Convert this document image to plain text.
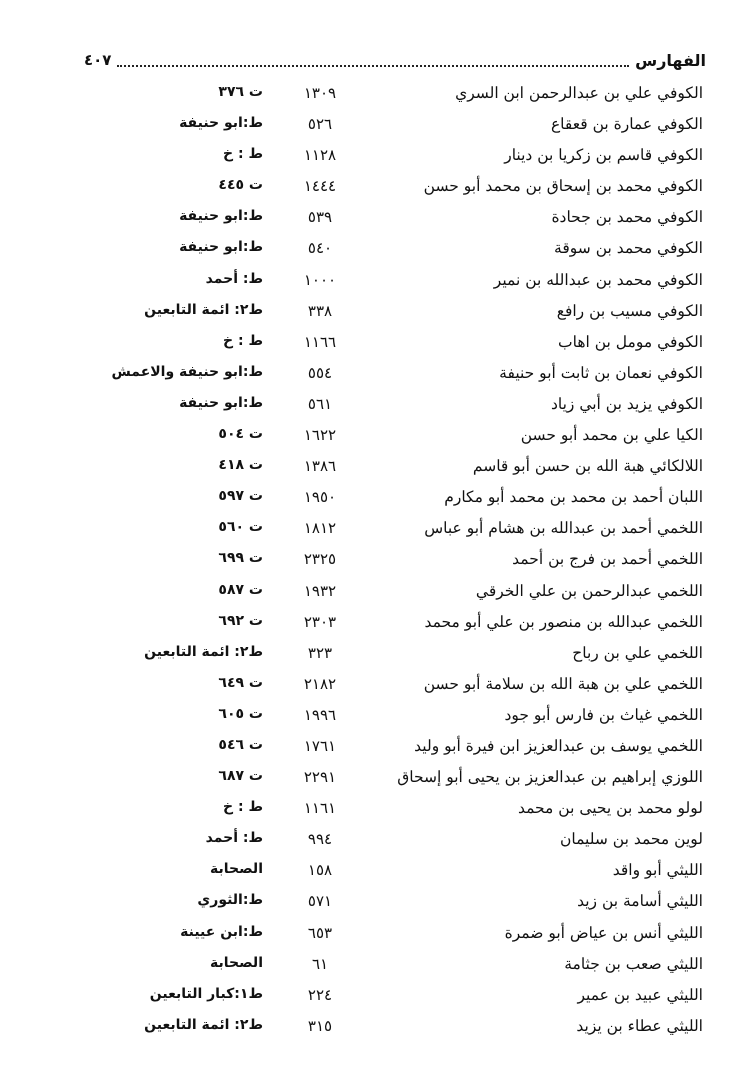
الفهارس
٤٠٧
الكوفي علي بن عبدالرحمن ابن السري
١٣٠٩
ت ٣٧٦
الكوفي عمارة بن قعقاع
٥٢٦
ط:ابو حنيفة
الكوفي قاسم بن زكريا بن دينار
١١٢٨
ط : خ
الكوفي محمد بن إسحاق بن محمد أبو حسن
١٤٤٤
ت ٤٤٥
الكوفي محمد بن جحادة
٥٣٩
ط:ابو حنيفة
الكوفي محمد بن سوقة
٥٤٠
ط:ابو حنيفة
الكوفي محمد بن عبدالله بن نمير
١٠٠٠
ط: أحمد
الكوفي مسيب بن رافع
٣٣٨
ط٢: ائمة التابعين
الكوفي مومل بن اهاب
١١٦٦
ط : خ
الكوفي نعمان بن ثابت أبو حنيفة
٥٥٤
ط:ابو حنيفة والاعمش
الكوفي يزيد بن أبي زياد
٥٦١
ط:ابو حنيفة
الكيا علي بن محمد أبو حسن
١٦٢٢
ت ٥٠٤
اللالكائي هبة الله بن حسن أبو قاسم
١٣٨٦
ت ٤١٨
اللبان أحمد بن محمد بن محمد أبو مكارم
١٩٥٠
ت ٥٩٧
اللخمي أحمد بن عبدالله بن هشام أبو عباس
١٨١٢
ت ٥٦٠
اللخمي أحمد بن فرج بن أحمد
٢٣٢٥
ت ٦٩٩
اللخمي عبدالرحمن بن علي الخرقي
١٩٣٢
ت ٥٨٧
اللخمي عبدالله بن منصور بن علي أبو محمد
٢٣٠٣
ت ٦٩٢
اللخمي علي بن رباح
٣٢٣
ط٢: ائمة التابعين
اللخمي علي بن هبة الله بن سلامة أبو حسن
٢١٨٢
ت ٦٤٩
اللخمي غياث بن فارس أبو جود
١٩٩٦
ت ٦٠٥
اللخمي يوسف بن عبدالعزيز ابن فيرة أبو وليد
١٧٦١
ت ٥٤٦
اللوزي إبراهيم بن عبدالعزيز بن يحيى أبو إسحاق
٢٢٩١
ت ٦٨٧
لولو محمد بن يحيى بن محمد
١١٦١
ط : خ
لوين محمد بن سليمان
٩٩٤
ط: أحمد
الليثي أبو واقد
١٥٨
الصحابة
الليثي أسامة بن زيد
٥٧١
ط:الثوري
الليثي أنس بن عياض أبو ضمرة
٦٥٣
ط:ابن عيينة
الليثي صعب بن جثامة
٦١
الصحابة
الليثي عبيد بن عمير
٢٢٤
ط١:كبار التابعين
الليثي عطاء بن يزيد
٣١٥
ط٢: ائمة التابعين
